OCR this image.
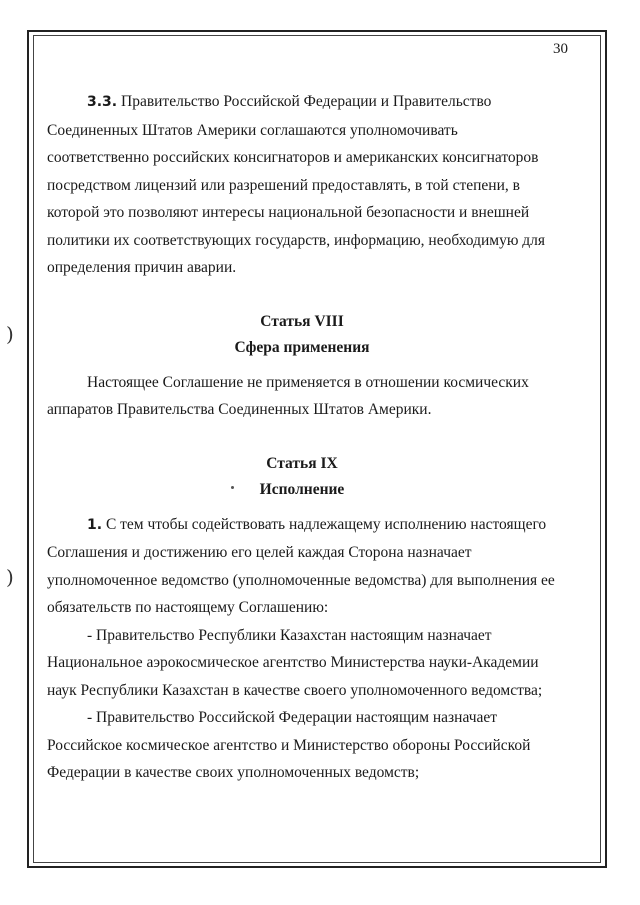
)
)
30

3.3. Правительство Российской Федерации и Правительство Соединенных Штатов Америки соглашаются уполномочивать соответственно российских консигнаторов и американских консигнаторов посредством лицензий или разрешений предоставлять, в той степени, в которой это позволяют интересы национальной безопасности и внешней политики их соответствующих государств, информацию, необходимую для определения причин аварии.

Статья VIII

Сфера применения

Настоящее Соглашение не применяется в отношении космических аппаратов Правительства Соединенных Штатов Америки.

Статья IX

Исполнение

1. С тем чтобы содействовать надлежащему исполнению настоящего Соглашения и достижению его целей каждая Сторона назначает уполномоченное ведомство (уполномоченные ведомства) для выполнения ее обязательств по настоящему Соглашению:

- Правительство Республики Казахстан настоящим назначает Национальное аэрокосмическое агентство Министерства науки-Академии наук Республики Казахстан в качестве своего уполномоченного ведомства;

- Правительство Российской Федерации настоящим назначает Российское космическое агентство и Министерство обороны Российской Федерации в качестве своих уполномоченных ведомств;
